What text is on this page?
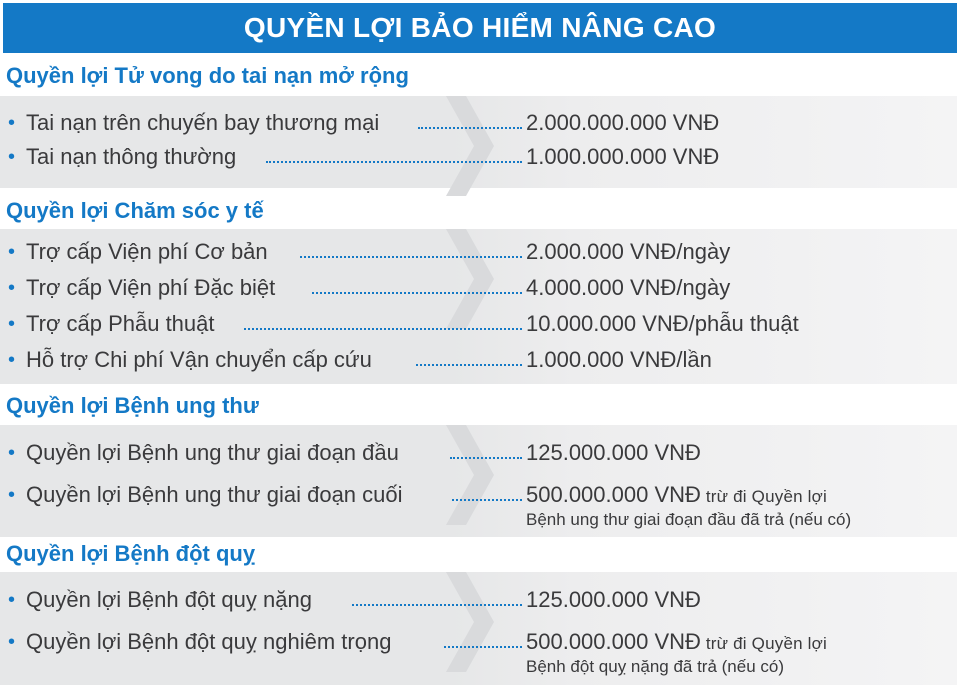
QUYỀN LỢI BẢO HIỂM NÂNG CAO
Quyền lợi Tử vong do tai nạn mở rộng
• Tai nạn trên chuyến bay thương mại	2.000.000.000 VNĐ
• Tai nạn thông thường	1.000.000.000 VNĐ
Quyền lợi Chăm sóc y tế
• Trợ cấp Viện phí Cơ bản	2.000.000 VNĐ/ngày
• Trợ cấp Viện phí Đặc biệt	4.000.000 VNĐ/ngày
• Trợ cấp Phẫu thuật	10.000.000 VNĐ/phẫu thuật
• Hỗ trợ Chi phí Vận chuyển cấp cứu	1.000.000 VNĐ/lần
Quyền lợi Bệnh ung thư
• Quyền lợi Bệnh ung thư giai đoạn đầu	125.000.000 VNĐ
• Quyền lợi Bệnh ung thư giai đoạn cuối	500.000.000 VNĐ trừ đi Quyền lợi
Bệnh ung thư giai đoạn đầu đã trả (nếu có)
Quyền lợi Bệnh đột quỵ
• Quyền lợi Bệnh đột quỵ nặng	125.000.000 VNĐ
• Quyền lợi Bệnh đột quỵ nghiêm trọng	500.000.000 VNĐ trừ đi Quyền lợi
Bệnh đột quỵ nặng đã trả (nếu có)
